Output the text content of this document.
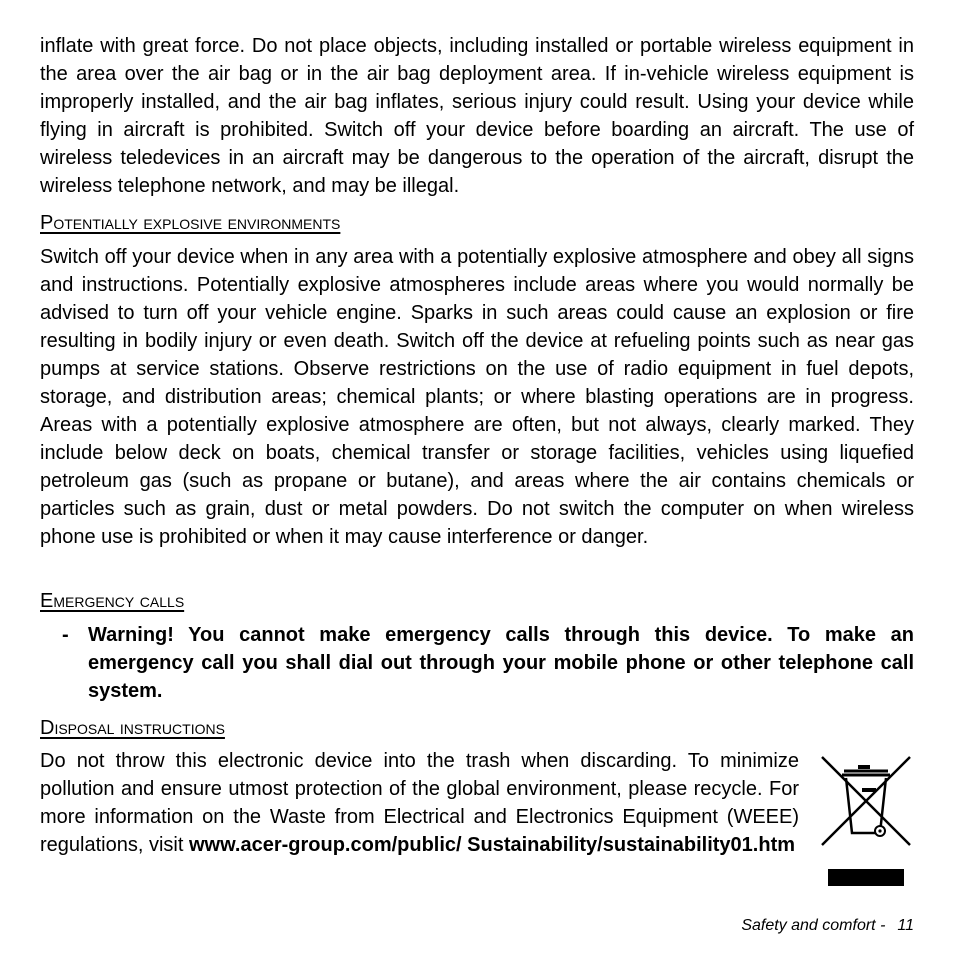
inflate with great force. Do not place objects, including installed or portable wireless equipment in the area over the air bag or in the air bag deployment area. If in-vehicle wireless equipment is improperly installed, and the air bag inflates, serious injury could result. Using your device while flying in aircraft is prohibited. Switch off your device before boarding an aircraft. The use of wireless teledevices in an aircraft may be dangerous to the operation of the aircraft, disrupt the wireless telephone network, and may be illegal.

Potentially explosive environments

Switch off your device when in any area with a potentially explosive atmosphere and obey all signs and instructions. Potentially explosive atmospheres include areas where you would normally be advised to turn off your vehicle engine. Sparks in such areas could cause an explosion or fire resulting in bodily injury or even death. Switch off the device at refueling points such as near gas pumps at service stations. Observe restrictions on the use of radio equipment in fuel depots, storage, and distribution areas; chemical plants; or where blasting operations are in progress. Areas with a potentially explosive atmosphere are often, but not always, clearly marked. They include below deck on boats, chemical transfer or storage facilities, vehicles using liquefied petroleum gas (such as propane or butane), and areas where the air contains chemicals or particles such as grain, dust or metal powders. Do not switch the computer on when wireless phone use is prohibited or when it may cause interference or danger.

Emergency calls
- Warning! You cannot make emergency calls through this device. To make an emergency call you shall dial out through your mobile phone or other telephone call system.
Disposal instructions

Do not throw this electronic device into the trash when discarding. To minimize pollution and ensure utmost protection of the global environment, please recycle. For more information on the Waste from Electrical and Electronics Equipment (WEEE) regulations, visit www.acer-group.com/public/ Sustainability/sustainability01.htm

Safety and comfort - 11
